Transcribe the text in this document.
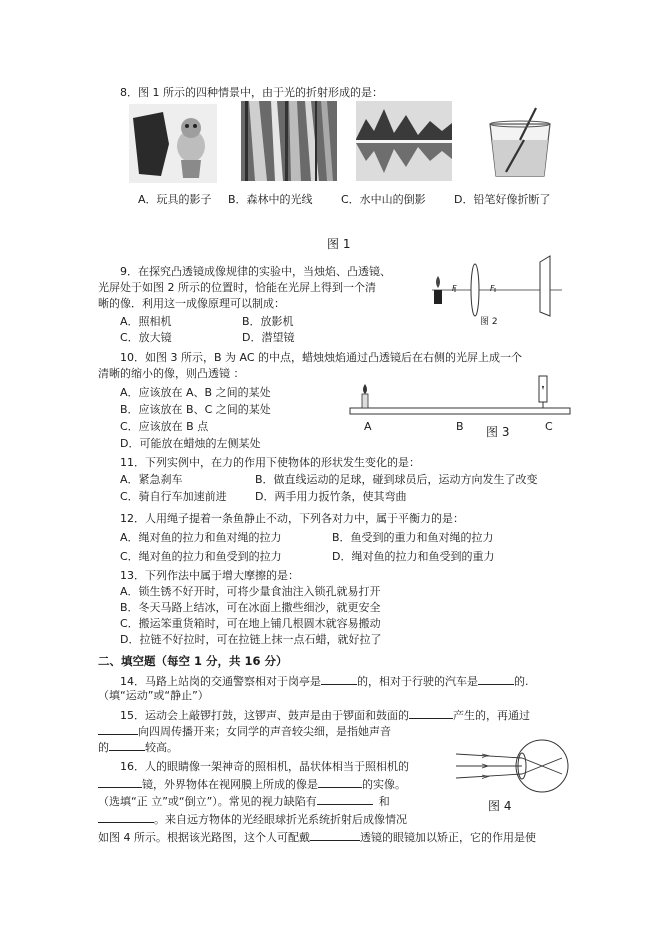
8．图 1 所示的四种情景中，由于光的折射形成的是：
A．玩具的影子 B．森林中的光线	C．水中山的倒影	D．铅笔好像折断了
图 1
9．在探究凸透镜成像规律的实验中，当烛焰、凸透镜、
光屏处于如图 2 所示的位置时，恰能在光屏上得到一个清
晰的像．利用这一成像原理可以制成：
A．照相机	B．放影机
C．放大镜	D．潜望镜
F	F
图 2
10．如图 3 所示，B 为 AC 的中点，蜡烛烛焰通过凸透镜后在右侧的光屏上成一个
清晰的缩小的像，则凸透镜 ：
A．应该放在 A、B 之间的某处
B．应该放在 B、C 之间的某处
C．应该放在 B 点
D．可能放在蜡烛的左侧某处
A	B	C
图 3
11．下列实例中，在力的作用下使物体的形状发生变化的是：
A．紧急刹车	B．做直线运动的足球，碰到球员后，运动方向发生了改变
C．骑自行车加速前进	D．两手用力扳竹条，使其弯曲
12．人用绳子提着一条鱼静止不动，下列各对力中，属于平衡力的是：
A．绳对鱼的拉力和鱼对绳的拉力	B．鱼受到的重力和鱼对绳的拉力
C．绳对鱼的拉力和鱼受到的拉力	D．绳对鱼的拉力和鱼受到的重力
13．下列作法中属于增大摩擦的是：
A．锁生锈不好开时，可将少量食油注入锁孔就易打开
B．冬天马路上结冰，可在冰面上撒些细沙，就更安全
C．搬运笨重货箱时，可在地上铺几根圆木就容易搬动
D．拉链不好拉时，可在拉链上抹一点石蜡，就好拉了
二、填空题（每空 1 分，共 16 分）
14．马路上站岗的交通警察相对于岗亭是	的，相对于行驶的汽车是	的.
（填“运动”或“静止”）
15．运动会上敲锣打鼓，这锣声、鼓声是由于锣面和鼓面的	产生的，再通过
向四周传播开来；女同学的声音较尖细，是指她声音
的	较高。
16．人的眼睛像一架神奇的照相机，晶状体相当于照相机的
镜，外界物体在视网膜上所成的像是	的实像。
（选填“正 立”或“倒立”）。常见的视力缺陷有	和
。来自远方物体的光经眼球折光系统折射后成像情况
如图 4 所示。根据该光路图，这个人可配戴	透镜的眼镜加以矫正，它的作用是使
图 4
